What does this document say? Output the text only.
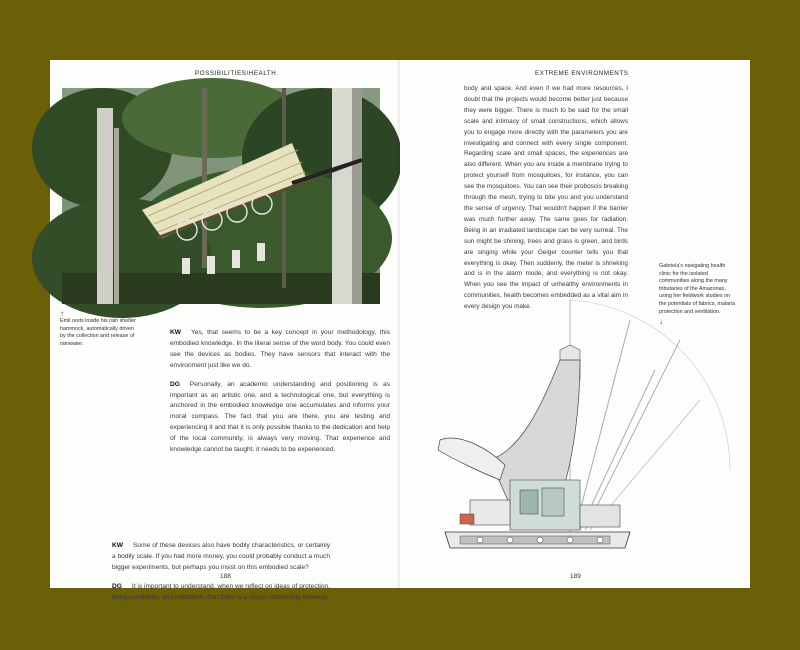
POSSIBILITIES/HEALTH
↑
Emil rests inside his rain shelter hammock, automatically driven by the collection and release of rainwater.

KW Yes, that seems to be a key concept in your methodology, this embodied knowledge. In the literal sense of the word body. You could even see the devices as bodies. They have sensors that interact with the environment just like we do.

DG Personally, an academic understanding and positioning is as important as an artistic one, and a technological one, but everything is anchored in the embodied knowledge one accumulates and informs your moral compass. The fact that you are there, you are testing and experiencing it and that it is only possible thanks to the dedication and help of the local community, is always very moving. That experience and knowledge cannot be taught, it needs to be experienced.

KW Some of these devices also have bodily characteristics, or certainly a bodily scale. If you had more money, you could probably conduct a much bigger experiments, but perhaps you insist on this embodied scale?

DG It is important to understand, when we reflect on ideas of protection, living conditions, and habitation, that there is a direct relationship between

188
EXTREME ENVIRONMENTS
body and space. And even if we had more resources, I doubt that the projects would become better just because they were bigger. There is much to be said for the small scale and intimacy of small constructions, which allows you to engage more directly with the parameters you are investigating and connect with every single component. Regarding scale and small spaces, the experiences are also different. When you are inside a membrane trying to protect yourself from mosquitoes, for instance, you can see the mosquitoes. You can see their proboscis breaking through the mesh, trying to bite you and you understand the sense of urgency. That wouldn't happen if the barrier was much further away. The same goes for radiation. Being in an irradiated landscape can be very surreal. The sun might be shining, trees and grass is green, and birds are singing while your Geiger counter tells you that everything is okay. Then suddenly, the meter is shrieking and is in the alarm mode, and everything is not okay. When you see the impact of unhealthy environments in communities, health becomes embedded as a vital aim in every design you make.
Gabriela's navigating health clinic for the isolated communities along the many tributaries of the Amazonas, using her fieldwork studies on the potentials of fabrics, malaria protection and ventilation.
↓
189
